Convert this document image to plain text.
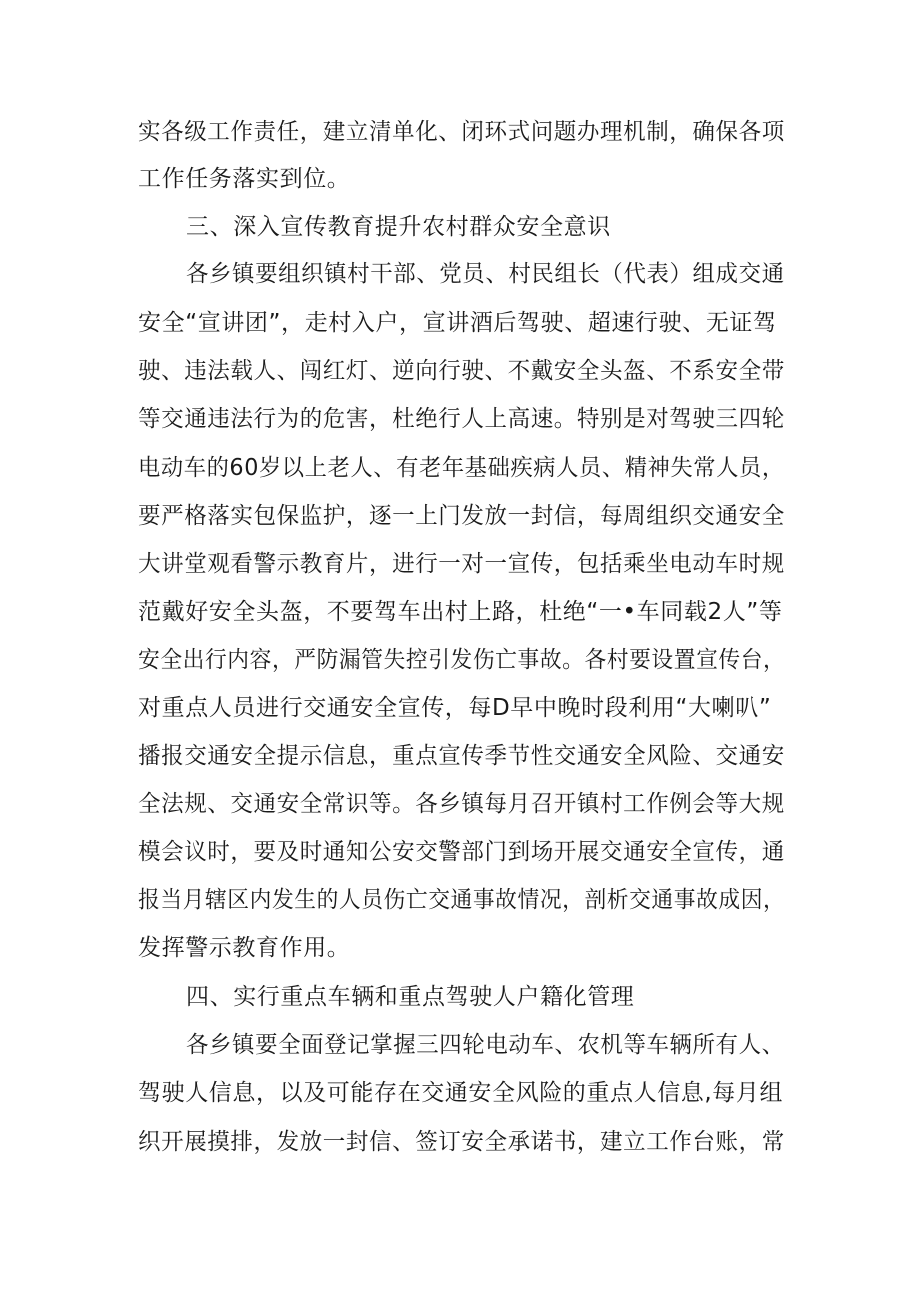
实各级工作责任，建立清单化、闭环式问题办理机制，确保各项
工作任务落实到位。
三、深入宣传教育提升农村群众安全意识
各乡镇要组织镇村干部、党员、村民组长（代表）组成交通
安全“宣讲团”，走村入户，宣讲酒后驾驶、超速行驶、无证驾
驶、违法载人、闯红灯、逆向行驶、不戴安全头盔、不系安全带
等交通违法行为的危害，杜绝行人上高速。特别是对驾驶三四轮
电动车的60岁以上老人、有老年基础疾病人员、精神失常人员，
要严格落实包保监护，逐一上门发放一封信，每周组织交通安全
大讲堂观看警示教育片，进行一对一宣传，包括乘坐电动车时规
范戴好安全头盔，不要驾车出村上路，杜绝“一•车同载2人”等
安全出行内容，严防漏管失控引发伤亡事故。各村要设置宣传台，
对重点人员进行交通安全宣传，每D早中晚时段利用“大喇叭”
播报交通安全提示信息，重点宣传季节性交通安全风险、交通安
全法规、交通安全常识等。各乡镇每月召开镇村工作例会等大规
模会议时，要及时通知公安交警部门到场开展交通安全宣传，通
报当月辖区内发生的人员伤亡交通事故情况，剖析交通事故成因，
发挥警示教育作用。
四、实行重点车辆和重点驾驶人户籍化管理
各乡镇要全面登记掌握三四轮电动车、农机等车辆所有人、
驾驶人信息，以及可能存在交通安全风险的重点人信息,每月组
织开展摸排，发放一封信、签订安全承诺书，建立工作台账，常
